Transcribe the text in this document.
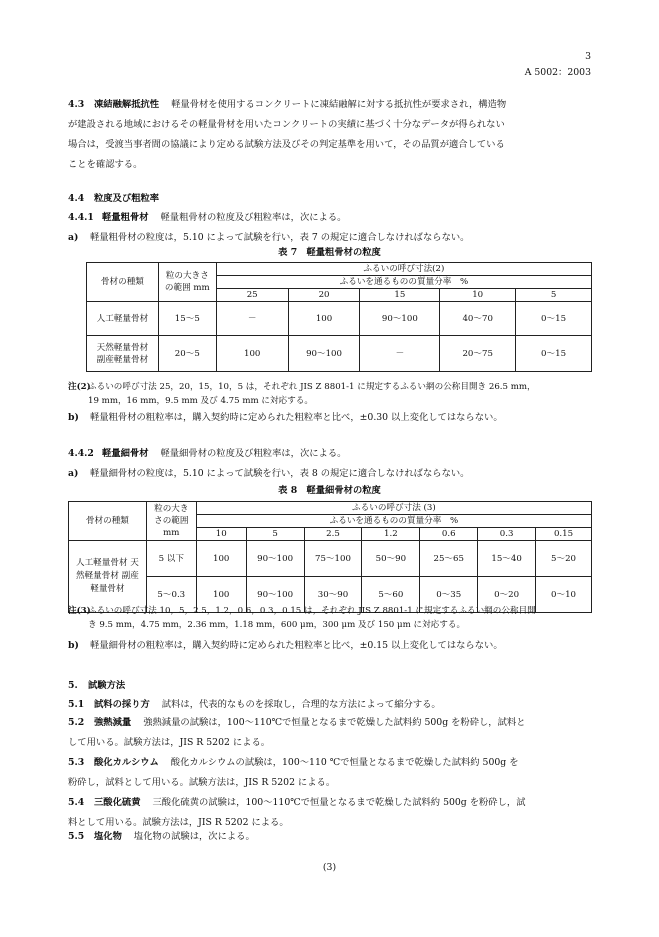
3
A 5002：2003
4.3 凍結融解抵抗性 軽量骨材を使用するコンクリートに凍結融解に対する抵抗性が要求され，構造物
が建設される地域におけるその軽量骨材を用いたコンクリートの実績に基づく十分なデータが得られない
場合は，受渡当事者間の協議により定める試験方法及びその判定基準を用いて，その品質が適合している
ことを確認する。
4.4 粒度及び粗粒率
4.4.1 軽量粗骨材 軽量粗骨材の粒度及び粗粒率は，次による。
a) 軽量粗骨材の粒度は，5.10 によって試験を行い，表 7 の規定に適合しなければならない。
表 7　軽量粗骨材の粒度
骨材の種類	粒の大きさの範囲 mm	ふるいの呼び寸法(2)				
		ふるいを通るものの質量分率　%				
		25	20	15	10	5
人工軽量骨材	15～5	－	100	90～100	40～70	0～15
天然軽量骨材 副産軽量骨材	20～5	100	90～100	－	20～75	0～15
注(2)ふるいの呼び寸法 25，20，15，10，5 は，それぞれ JIS Z 8801-1 に規定するふるい網の公称目開き 26.5 mm，
19 mm，16 mm，9.5 mm 及び 4.75 mm に対応する。
b) 軽量粗骨材の粗粒率は，購入契約時に定められた粗粒率と比べ，±0.30 以上変化してはならない。
4.4.2 軽量細骨材 軽量細骨材の粒度及び粗粒率は，次による。
a) 軽量細骨材の粒度は，5.10 によって試験を行い，表 8 の規定に適合しなければならない。
表 8　軽量細骨材の粒度
骨材の種類	粒の大きさの範囲 mm	ふるいの呼び寸法 (3)						
		ふるいを通るものの質量分率　%						
		10	5	2.5	1.2	0.6	0.3	0.15
人工軽量骨材 天然軽量骨材 副産軽量骨材	5 以下	100	90～100	75～100	50～90	25～65	15～40	5～20
	5～0.3	100	90～100	30～90	5～60	0～35	0～20	0～10
注(3)ふるいの呼び寸法 10，5，2.5，1.2，0.6，0.3，0.15 は，それぞれ JIS Z 8801-1 に規定するふるい網の公称目開
き 9.5 mm，4.75 mm，2.36 mm，1.18 mm，600 μm，300 μm 及び 150 μm に対応する。
b) 軽量細骨材の粗粒率は，購入契約時に定められた粗粒率と比べ，±0.15 以上変化してはならない。
5. 試験方法
5.1 試料の採り方 試料は，代表的なものを採取し，合理的な方法によって縮分する。
5.2 強熱減量 強熱減量の試験は，100～110℃で恒量となるまで乾燥した試料約 500g を粉砕し，試料と
して用いる。試験方法は，JIS R 5202 による。
5.3 酸化カルシウム 酸化カルシウムの試験は，100～110 ℃で恒量となるまで乾燥した試料約 500g を
粉砕し，試料として用いる。試験方法は，JIS R 5202 による。
5.4 三酸化硫黄 三酸化硫黄の試験は，100～110℃で恒量となるまで乾燥した試料約 500g を粉砕し，試
料として用いる。試験方法は，JIS R 5202 による。
5.5 塩化物 塩化物の試験は，次による。
(3)
